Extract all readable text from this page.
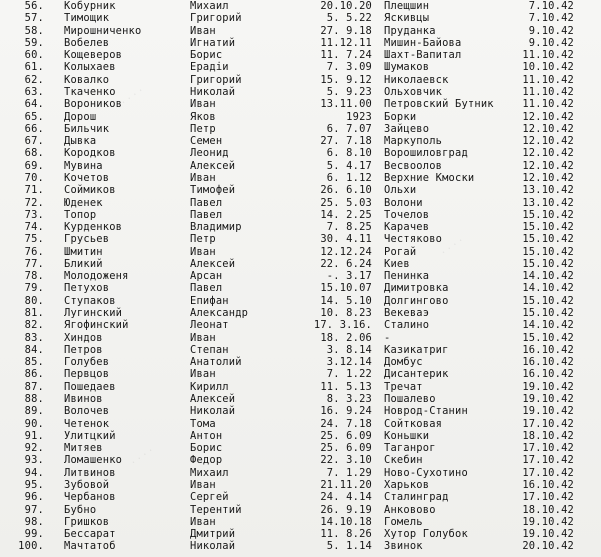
· · · ·
· · · ·
· · · ·
56. Кобурник	Михаил	20.10.20 Плещшин	7.10.42
57. Тимощик	Григорий	5. 5.22 Яскивцы	7.10.42
58. Мирошниченко	Иван	27. 9.18 Пруданка	9.10.42
59. Вобелев	Игнатий	11.12.11 Мишин-Байова	9.10.42
60. Кощеверов	Борис	11. 7.24 Шахт-Вапитал	11.10.42
61. Колыхаев	Ерадіи	7. 3.09 Шумаков	10.10.42
62. Ковалко	Григорий	15. 9.12 Николаевск	11.10.42
63. Ткаченко	Николай	5. 9.23 Ольховчик	11.10.42
64. Вороников	Иван	13.11.00 Петровский Бутник	11.10.42
65. Дорош	Яков	1923 Борки	12.10.42
66. Бильчик	Петр	6. 7.07 Зайцево	12.10.42
67. Дывка	Семен	27. 7.18 Маркуполь	12.10.42
68. Кородков	Леонид	6. 8.10 Ворошиловград	12.10.42
69. Мувина	Алексей	5. 4.17 Весвоолов	12.10.42
70. Кочетов	Иван	6. 1.12 Верхние Кмоски	12.10.42
71. Соймиков	Тимофей	26. 6.10 Ольхи	13.10.42
72. Юденек	Павел	25. 5.03 Волони	13.10.42
73. Топор	Павел	14. 2.25 Точелов	15.10.42
74. Курденков	Владимир	7. 8.25 Карачев	15.10.42
75. Грусьев	Петр	30. 4.11 Честяково	15.10.42
76. Шмитин	Иван	12.12.24 Рогай	15.10.42
77. Бликий	Алексей	22. 6.24 Киев	15.10.42
78. Молодоженя	Арсан	-. 3.17 Пенинка	14.10.42
79. Петухов	Павел	15.10.07 Димитровка	14.10.42
80. Ступаков	Епифан	14. 5.10 Долгингово	15.10.42
81. Лугинский	Александр	10. 8.23 Векеваэ	15.10.42
82. Ягофинский	Леонат	17. 3.16. Сталино	14.10.42
83. Хиндов	Иван	18. 2.06 -	15.10.42
84. Петров	Степан	3. 8.14 Казикатриг	16.10.42
85. Голубев	Анатолий	3.12.14 Домбус	16.10.42
86. Первцов	Иван	7. 1.22 Дисантерик	16.10.42
87. Пошедаев	Кирилл	11. 5.13 Тречат	19.10.42
88. Ивинов	Алексей	8. 3.23 Пошалево	19.10.42
89. Волочев	Николай	16. 9.24 Новрод-Станин	19.10.42
90. Четенок	Тома	24. 7.18 Сойтковая	17.10.42
91. Улитцкий	Антон	25. 6.09 Коньшки	18.10.42
92. Митяев	Борис	25. 6.09 Таганрог	17.10.42
93. Ломашенко	Федор	22. 3.10 Скебин	17.10.42
94. Литвинов	Михаил	7. 1.29 Ново-Сухотино	17.10.42
95. Зубовой	Иван	21.11.20 Харьков	16.10.42
96. Чербанов	Сергей	24. 4.14 Сталинград	17.10.42
97. Бубно	Терентий	26. 9.19 Анковово	18.10.42
98. Гришков	Иван	14.10.18 Гомель	19.10.42
99. Бессарат	Дмитрий	11. 8.26 Хутор Голубок	19.10.42
100. Мачтатоб	Николай	5. 1.14 Звинок	20.10.42
